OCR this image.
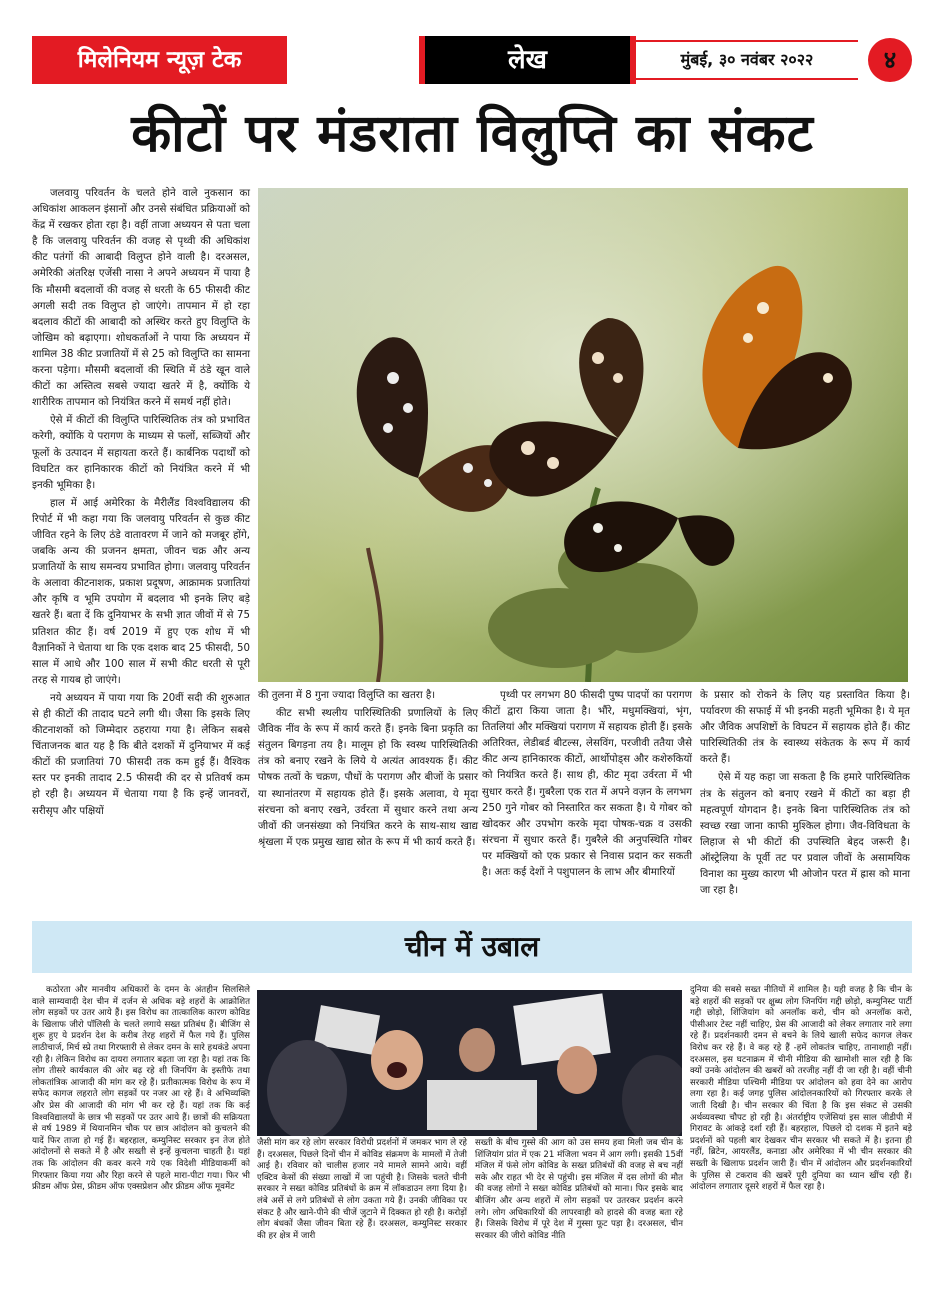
मिलेनियम न्यूज़ टेक	लेख	मुंबई, ३० नवंबर २०२२	४
कीटों पर मंडराता विलुप्ति का संकट

जलवायु परिवर्तन के चलते होने वाले नुकसान का अधिकांश आकलन इंसानों और उनसे संबंधित प्रक्रियाओं को केंद्र में रखकर होता रहा है। वहीं ताजा अध्ययन से पता चला है कि जलवायु परिवर्तन की वजह से पृथ्वी की अधिकांश कीट पतंगों की आबादी विलुप्त होने वाली है। दरअसल, अमेरिकी अंतरिक्ष एजेंसी नासा ने अपने अध्ययन में पाया है कि मौसमी बदलावों की वजह से धरती के 65 फीसदी कीट अगली सदी तक विलुप्त हो जाएंगे। तापमान में हो रहा बदलाव कीटों की आबादी को अस्थिर करते हुए विलुप्ति के जोखिम को बढ़ाएगा। शोधकर्ताओं ने पाया कि अध्ययन में शामिल 38 कीट प्रजातियों में से 25 को विलुप्ति का सामना करना पड़ेगा। मौसमी बदलावों की स्थिति में ठंडे खून वाले कीटों का अस्तित्व सबसे ज्यादा खतरे में है, क्योंकि ये शारीरिक तापमान को नियंत्रित करने में समर्थ नहीं होते।

ऐसे में कीटों की विलुप्ति पारिस्थितिक तंत्र को प्रभावित करेगी, क्योंकि ये परागण के माध्यम से फलों, सब्जियों और फूलों के उत्पादन में सहायता करते हैं। कार्बनिक पदार्थों को विघटित कर हानिकारक कीटों को नियंत्रित करने में भी इनकी भूमिका है।

हाल में आई अमेरिका के मैरीलैंड विश्वविद्यालय की रिपोर्ट में भी कहा गया कि जलवायु परिवर्तन से कुछ कीट जीवित रहने के लिए ठंडे वातावरण में जाने को मजबूर होंगे, जबकि अन्य की प्रजनन क्षमता, जीवन चक्र और अन्य प्रजातियों के साथ समन्वय प्रभावित होगा। जलवायु परिवर्तन के अलावा कीटनाशक, प्रकाश प्रदूषण, आक्रामक प्रजातियां और कृषि व भूमि उपयोग में बदलाव भी इनके लिए बड़े खतरे हैं। बता दें कि दुनियाभर के सभी ज्ञात जीवों में से 75 प्रतिशत कीट हैं। वर्ष 2019 में हुए एक शोध में भी वैज्ञानिकों ने चेताया था कि एक दशक बाद 25 फीसदी, 50 साल में आधे और 100 साल में सभी कीट धरती से पूरी तरह से गायब हो जाएंगे।

नये अध्ययन में पाया गया कि 20वीं सदी की शुरुआत से ही कीटों की तादाद घटने लगी थी। जैसा कि इसके लिए कीटनाशकों को जिम्मेदार ठहराया गया है। लेकिन सबसे चिंताजनक बात यह है कि बीते दशकों में दुनियाभर में कई कीटों की प्रजातियां 70 फीसदी तक कम हुई हैं। वैश्विक स्तर पर इनकी तादाद 2.5 फीसदी की दर से प्रतिवर्ष कम हो रही है। अध्ययन में चेताया गया है कि इन्हें जानवरों, सरीसृप और पक्षियों

की तुलना में 8 गुना ज्यादा विलुप्ति का खतरा है।

कीट सभी स्थलीय पारिस्थितिकी प्रणालियों के लिए जैविक नींव के रूप में कार्य करते हैं। इनके बिना प्रकृति का संतुलन बिगड़ना तय है। मालूम हो कि स्वस्थ पारिस्थितिकी तंत्र को बनाए रखने के लिये ये अत्यंत आवश्यक हैं। कीट पोषक तत्वों के चक्रण, पौधों के परागण और बीजों के प्रसार या स्थानांतरण में सहायक होते हैं। इसके अलावा, ये मृदा संरचना को बनाए रखने, उर्वरता में सुधार करने तथा अन्य जीवों की जनसंख्या को नियंत्रित करने के साथ-साथ खाद्य श्रृंखला में एक प्रमुख खाद्य स्रोत के रूप में भी कार्य करते हैं।

पृथ्वी पर लगभग 80 फीसदी पुष्प पादपों का परागण कीटों द्वारा किया जाता है। भौंरे, मधुमक्खियां, भृंग, तितलियां और मक्खियां परागण में सहायक होती हैं। इसके अतिरिक्त, लेडीबर्ड बीटल्स, लेसविंग, परजीवी ततैया जैसे कीट अन्य हानिकारक कीटों, आर्थोपोड्स और कशेरुकियों को नियंत्रित करते हैं। साथ ही, कीट मृदा उर्वरता में भी सुधार करते हैं। गुबरैला एक रात में अपने वज़न के लगभग 250 गुने गोबर को निस्तारित कर सकता है। ये गोबर को खोदकर और उपभोग करके मृदा पोषक-चक्र व उसकी संरचना में सुधार करते हैं। गुबरैले की अनुपस्थिति गोबर पर मक्खियों को एक प्रकार से निवास प्रदान कर सकती है। अतः कई देशों ने पशुपालन के लाभ और बीमारियों

के प्रसार को रोकने के लिए यह प्रस्तावित किया है। पर्यावरण की सफाई में भी इनकी महती भूमिका है। ये मृत और जैविक अपशिष्टों के विघटन में सहायक होते हैं। कीट पारिस्थितिकी तंत्र के स्वास्थ्य संकेतक के रूप में कार्य करते हैं।

ऐसे में यह कहा जा सकता है कि हमारे पारिस्थितिक तंत्र के संतुलन को बनाए रखने में कीटों का बड़ा ही महत्वपूर्ण योगदान है। इनके बिना पारिस्थितिक तंत्र को स्वच्छ रखा जाना काफी मुश्किल होगा। जैव-विविधता के लिहाज से भी कीटों की उपस्थिति बेहद जरूरी है। ऑस्ट्रेलिया के पूर्वी तट पर प्रवाल जीवों के असामयिक विनाश का मुख्य कारण भी ओजोन परत में ह्रास को माना जा रहा है।

चीन में उबाल

कठोरता और मानवीय अधिकारों के दमन के अंतहीन सिलसिले वाले साम्यवादी देश चीन में दर्जन से अधिक बड़े शहरों के आक्रोशित लोग सड़कों पर उतर आये हैं। इस विरोध का तात्कालिक कारण कोविड के खिलाफ जीरो पॉलिसी के चलते लगाये सख्त प्रतिबंध हैं। बीजिंग से शुरू हुए ये प्रदर्शन देश के करीब तेरह शहरों में फैल गये हैं। पुलिस लाठीचार्ज, मिर्च स्प्रे तथा गिरफ्तारी से लेकर दमन के सारे हथकंडे अपना रही है। लेकिन विरोध का दायरा लगातार बढ़ता जा रहा है। यहां तक कि लोग तीसरे कार्यकाल की ओर बढ़ रहे शी जिनपिंग के इस्तीफे तथा लोकतांत्रिक आजादी की मांग कर रहे हैं। प्रतीकात्मक विरोध के रूप में सफेद कागज लहराते लोग सड़कों पर नजर आ रहे हैं। वे अभिव्यक्ति और प्रेस की आजादी की मांग भी कर रहे हैं। यहां तक कि कई विश्वविद्यालयों के छात्र भी सड़कों पर उतर आये हैं। छात्रों की सक्रियता से वर्ष 1989 में थियानमिन चौक पर छात्र आंदोलन को कुचलने की यादें फिर ताजा हो गई हैं। बहरहाल, कम्युनिस्ट सरकार इन तेज होते आंदोलनों से सकते में है और सख्ती से इन्हें कुचलना चाहती है। यहां तक कि आंदोलन की कवर करने गये एक विदेशी मीडियाकर्मी को गिरफ्तार किया गया और रिहा करने से पहले मारा-पीटा गया। फिर भी फ्रीडम ऑफ प्रेस, फ्रीडम ऑफ एक्सप्रेशन और फ्रीडम ऑफ मूवमेंट

जैसी मांग कर रहे लोग सरकार विरोधी प्रदर्शनों में जमकर भाग ले रहे हैं। दरअसल, पिछले दिनों चीन में कोविड संक्रमण के मामलों में तेजी आई है। रविवार को चालीस हजार नये मामले सामने आये। वहीं एक्टिव केसों की संख्या लाखों में जा पहुंची है। जिसके चलते चीनी सरकार ने सख्त कोविड प्रतिबंधों के क्रम में लॉकडाउन लगा दिया है। लंबे अर्से से लगे प्रतिबंधों से लोग उकता गये हैं। उनकी जीविका पर संकट है और खाने-पीने की चीजें जुटाने में दिक्कत हो रही है। करोड़ों लोग बंधकों जैसा जीवन बिता रहे हैं। दरअसल, कम्युनिस्ट सरकार की हर क्षेत्र में जारी

सख्ती के बीच गुस्से की आग को उस समय हवा मिली जब चीन के शिंजियांग प्रांत में एक 21 मंजिला भवन में आग लगी। इसकी 15वीं मंजिल में फंसे लोग कोविड के सख्त प्रतिबंधों की वजह से बच नहीं सके और राहत भी देर से पहुंची। इस मंजिल में दस लोगों की मौत की वजह लोगों ने सख्त कोविड प्रतिबंधों को माना। फिर इसके बाद बीजिंग और अन्य शहरों में लोग सड़कों पर उतरकर प्रदर्शन करने लगे। लोग अधिकारियों की लापरवाही को हादसे की वजह बता रहे हैं। जिसके विरोध में पूरे देश में गुस्सा फूट पड़ा है। दरअसल, चीन सरकार की जीरो कोविड नीति

दुनिया की सबसे सख्त नीतियों में शामिल है। यही वजह है कि चीन के बड़े शहरों की सड़कों पर क्षुब्ध लोग जिनपिंग गद्दी छोड़ो, कम्युनिस्ट पार्टी गद्दी छोड़ो, शिंजियांग को अनलॉक करो, चीन को अनलॉक करो, पीसीआर टेस्ट नहीं चाहिए, प्रेस की आजादी को लेकर लगातार नारे लगा रहे हैं। प्रदर्शनकारी दमन से बचने के लिये खाली सफेद कागज लेकर विरोध कर रहे हैं। वे कह रहे हैं -हमें लोकतंत्र चाहिए, तानाशाही नहीं। दरअसल, इस घटनाक्रम में चीनी मीडिया की खामोशी साल रही है कि क्यों उनके आंदोलन की खबरों को तरजीह नहीं दी जा रही है। वहीं चीनी सरकारी मीडिया पश्चिमी मीडिया पर आंदोलन को हवा देने का आरोप लगा रहा है। कई जगह पुलिस आंदोलनकारियों को गिरफ्तार करके ले जाती दिखी है। चीन सरकार की चिंता है कि इस संकट से उसकी अर्थव्यवस्था चौपट हो रही है। अंतर्राष्ट्रीय एजेंसियां इस साल जीडीपी में गिरावट के आंकड़े दर्शा रही हैं। बहरहाल, पिछले दो दशक में इतने बड़े प्रदर्शनों को पहली बार देखकर चीन सरकार भी सकते में है। इतना ही नहीं, ब्रिटेन, आयरलैंड, कनाडा और अमेरिका में भी चीन सरकार की सख्ती के खिलाफ प्रदर्शन जारी हैं। चीन में आंदोलन और प्रदर्शनकारियों के पुलिस से टकराव की खबरें पूरी दुनिया का ध्यान खींच रही हैं। आंदोलन लगातार दूसरे शहरों में फैल रहा है।
